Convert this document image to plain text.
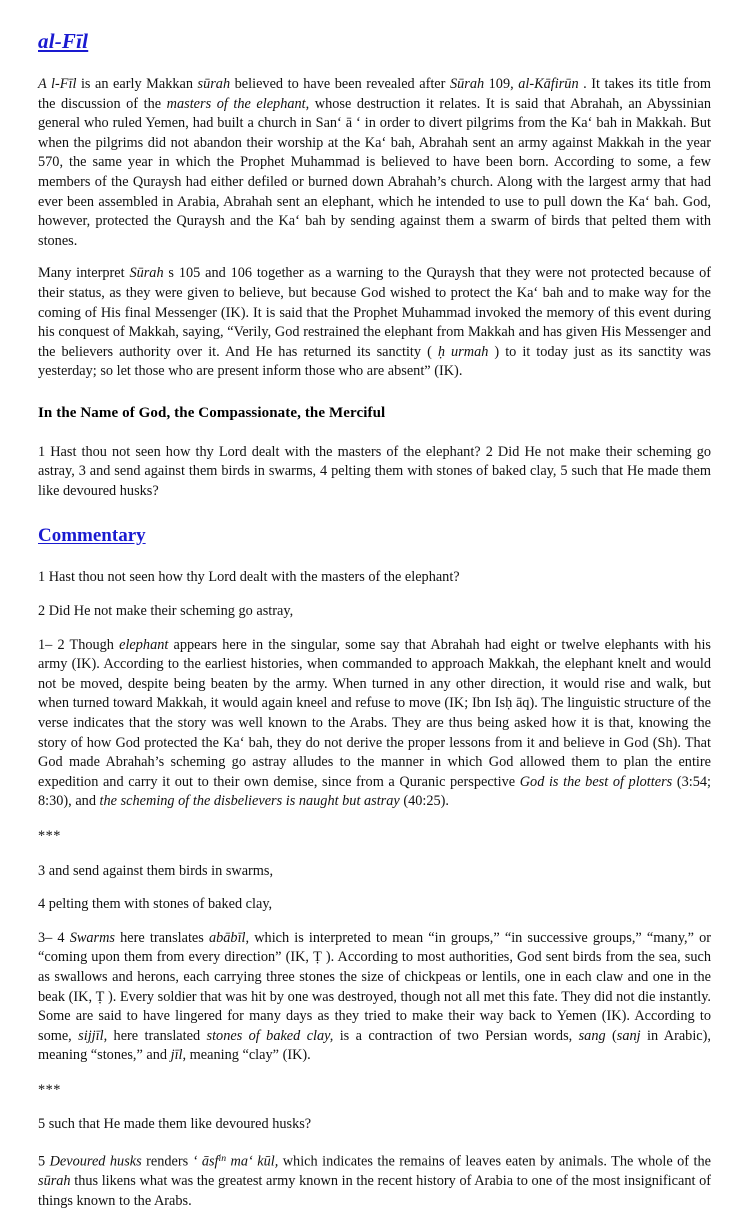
al-Fīl

A l-Fīl is an early Makkan sūrah believed to have been revealed after Sūrah 109, al-Kāfirūn . It takes its title from the discussion of the masters of the elephant, whose destruction it relates. It is said that Abrahah, an Abyssinian general who ruled Yemen, had built a church in Sanʻ ā ʻ in order to divert pilgrims from the Kaʻ bah in Makkah. But when the pilgrims did not abandon their worship at the Kaʻ bah, Abrahah sent an army against Makkah in the year 570, the same year in which the Prophet Muhammad is believed to have been born. According to some, a few members of the Quraysh had either defiled or burned down Abrahah’s church. Along with the largest army that had ever been assembled in Arabia, Abrahah sent an elephant, which he intended to use to pull down the Kaʻ bah. God, however, protected the Quraysh and the Kaʻ bah by sending against them a swarm of birds that pelted them with stones.

Many interpret Sūrah s 105 and 106 together as a warning to the Quraysh that they were not protected because of their status, as they were given to believe, but because God wished to protect the Kaʻ bah and to make way for the coming of His final Messenger (IK). It is said that the Prophet Muhammad invoked the memory of this event during his conquest of Makkah, saying, “Verily, God restrained the elephant from Makkah and has given His Messenger and the believers authority over it. And He has returned its sanctity ( ḥ urmah ) to it today just as its sanctity was yesterday; so let those who are present inform those who are absent” (IK).

In the Name of God, the Compassionate, the Merciful

1 Hast thou not seen how thy Lord dealt with the masters of the elephant? 2 Did He not make their scheming go astray, 3 and send against them birds in swarms, 4 pelting them with stones of baked clay, 5 such that He made them like devoured husks?

Commentary

1 Hast thou not seen how thy Lord dealt with the masters of the elephant?

2 Did He not make their scheming go astray,

1– 2 Though elephant appears here in the singular, some say that Abrahah had eight or twelve elephants with his army (IK). According to the earliest histories, when commanded to approach Makkah, the elephant knelt and would not be moved, despite being beaten by the army. When turned in any other direction, it would rise and walk, but when turned toward Makkah, it would again kneel and refuse to move (IK; Ibn Isḥ āq). The linguistic structure of the verse indicates that the story was well known to the Arabs. They are thus being asked how it is that, knowing the story of how God protected the Kaʻ bah, they do not derive the proper lessons from it and believe in God (Sh). That God made Abrahah’s scheming go astray alludes to the manner in which God allowed them to plan the entire expedition and carry it out to their own demise, since from a Quranic perspective God is the best of plotters (3:54; 8:30), and the scheming of the disbelievers is naught but astray (40:25).

***

3 and send against them birds in swarms,

4 pelting them with stones of baked clay,

3– 4 Swarms here translates abābīl, which is interpreted to mean “in groups,” “in successive groups,” “many,” or “coming upon them from every direction” (IK, Ṭ ). According to most authorities, God sent birds from the sea, such as swallows and herons, each carrying three stones the size of chickpeas or lentils, one in each claw and one in the beak (IK, Ṭ ). Every soldier that was hit by one was destroyed, though not all met this fate. They did not die instantly. Some are said to have lingered for many days as they tried to make their way back to Yemen (IK). According to some, sijjīl, here translated stones of baked clay, is a contraction of two Persian words, sang (sanj in Arabic), meaning “stones,” and jīl, meaning “clay” (IK).

***

5 such that He made them like devoured husks?

5 Devoured husks renders ʻ āsf$^{in}$ maʻ kūl, which indicates the remains of leaves eaten by animals. The whole of the sūrah thus likens what was the greatest army known in the recent history of Arabia to one of the most insignificant of things known to the Arabs.
